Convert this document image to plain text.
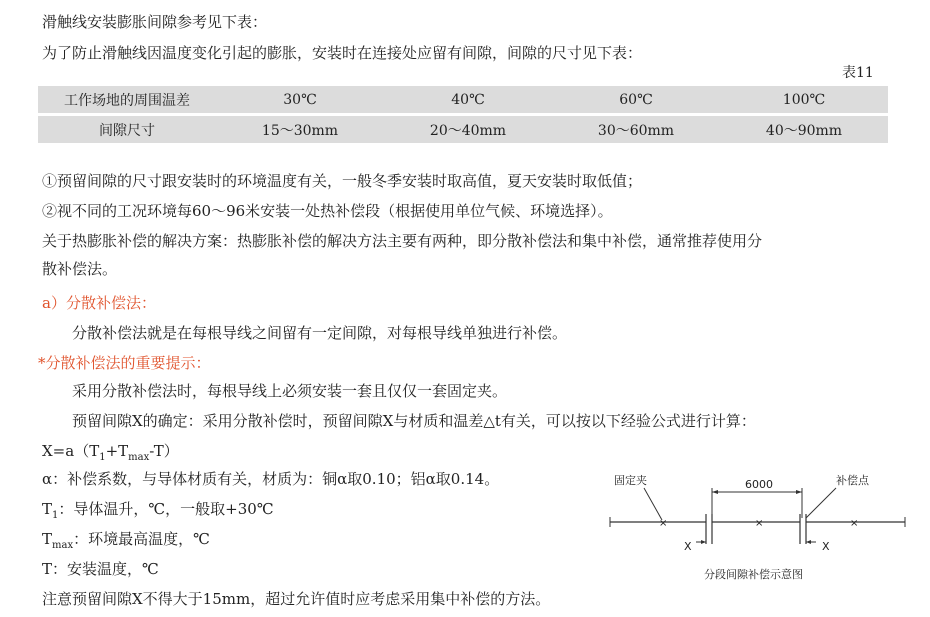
滑触线安装膨胀间隙参考见下表：
为了防止滑触线因温度变化引起的膨胀，安装时在连接处应留有间隙，间隙的尺寸见下表：
表11
工作场地的周围温差	30℃	40℃	60℃	100℃
间隙尺寸	15～30mm	20～40mm	30～60mm	40～90mm
①预留间隙的尺寸跟安装时的环境温度有关，一般冬季安装时取高值，夏天安装时取低值；
②视不同的工况环境每60～96米安装一处热补偿段（根据使用单位气候、环境选择）。
关于热膨胀补偿的解决方案：热膨胀补偿的解决方法主要有两种，即分散补偿法和集中补偿，通常推荐使用分
散补偿法。
a）分散补偿法：
分散补偿法就是在每根导线之间留有一定间隙，对每根导线单独进行补偿。
*分散补偿法的重要提示：
采用分散补偿法时，每根导线上必须安装一套且仅仅一套固定夹。
预留间隙X的确定：采用分散补偿时，预留间隙X与材质和温差△t有关，可以按以下经验公式进行计算：
$X=a(T_1+T_{max}-T)$
α：补偿系数，与导体材质有关，材质为：铜α取0.10；铝α取0.14。
$T_1$：导体温升，℃，一般取+30℃
$T_{max}$：环境最高温度，℃
T：安装温度，℃
注意预留间隙X不得大于15mm，超过允许值时应考虑采用集中补偿的方法。
固定夹	补偿点
6000
×	×	×
X	X
分段间隙补偿示意图
